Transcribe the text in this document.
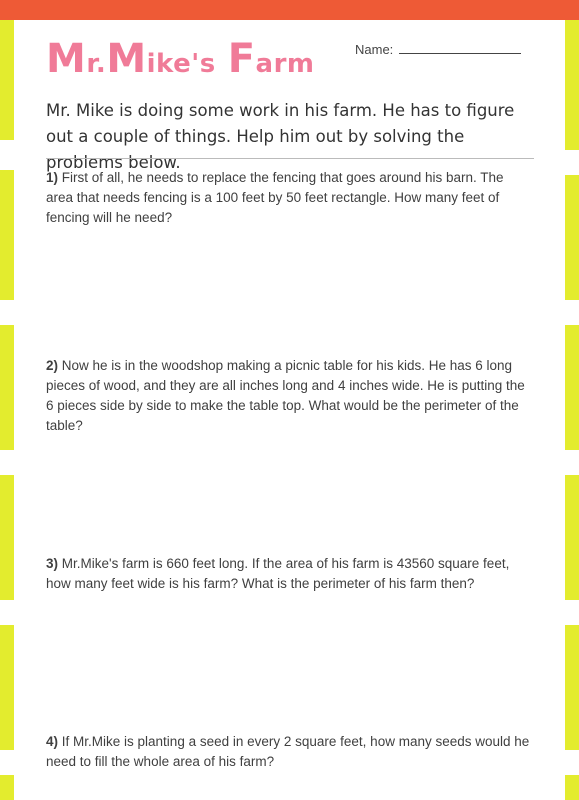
Mr.Mike's Farm	Name:

Mr. Mike is doing some work in his farm. He has to figure out a couple of things. Help him out by solving the problems below.

1) First of all, he needs to replace the fencing that goes around his barn. The area that needs fencing is a 100 feet by 50 feet rectangle. How many feet of fencing will he need?

2) Now he is in the woodshop making a picnic table for his kids. He has 6 long pieces of wood, and they are all inches long and 4 inches wide. He is putting the 6 pieces side by side to make the table top. What would be the perimeter of the table?

3) Mr.Mike's farm is 660 feet long. If the area of his farm is 43560 square feet, how many feet wide is his farm? What is the perimeter of his farm then?

4) If Mr.Mike is planting a seed in every 2 square feet, how many seeds would he need to fill the whole area of his farm?
